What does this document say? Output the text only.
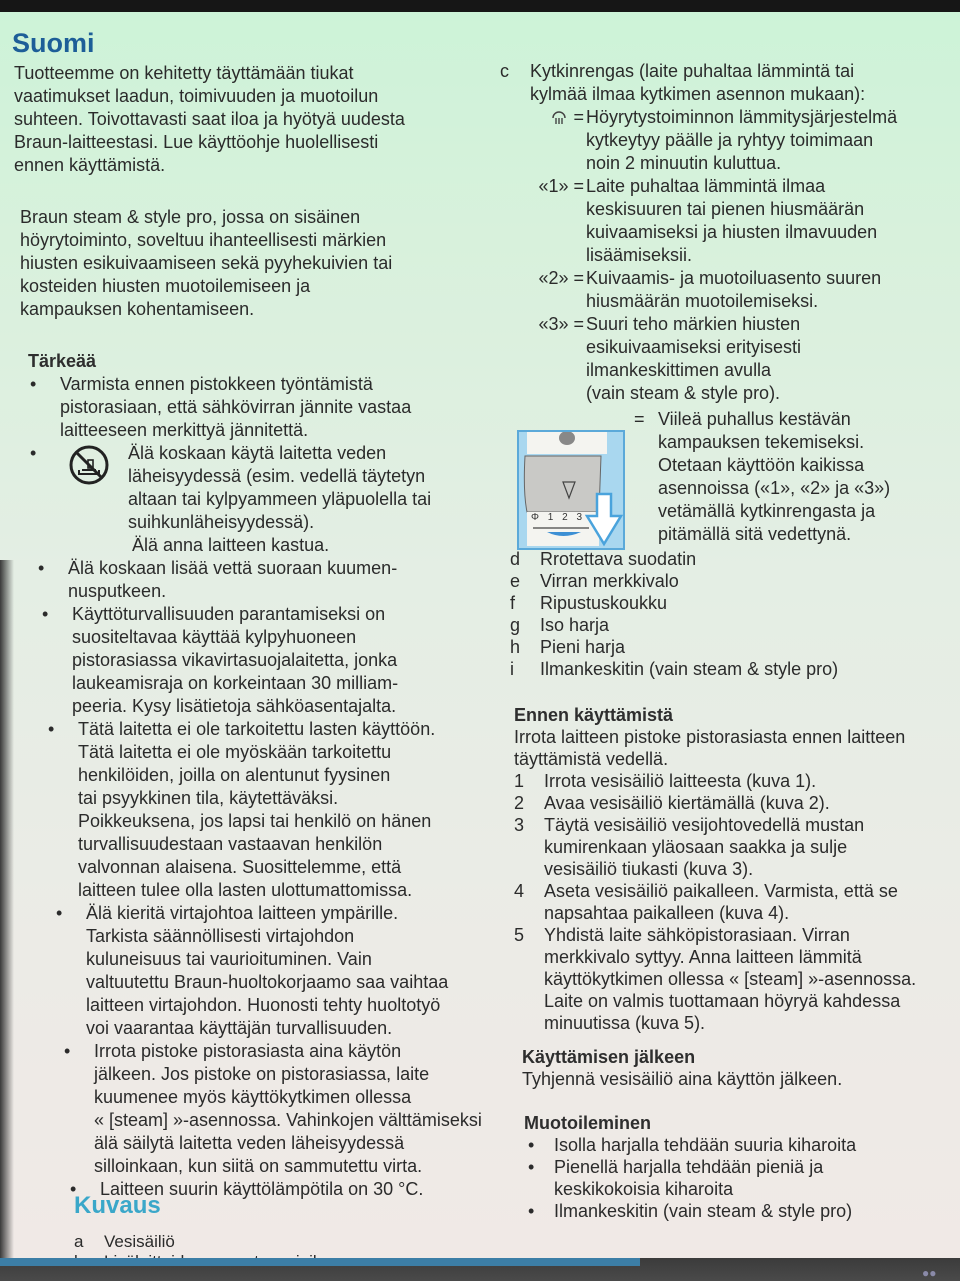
Suomi

Tuotteemme on kehitetty täyttämään tiukat

vaatimukset laadun, toimivuuden ja muotoilun

suhteen. Toivottavasti saat iloa ja hyötyä uudesta

Braun-laitteestasi. Lue käyttöohje huolellisesti

ennen käyttämistä.

Braun steam & style pro, jossa on sisäinen

höyrytoiminto, soveltuu ihanteellisesti märkien

hiusten esikuivaamiseen sekä pyyhekuivien tai

kosteiden hiusten muotoilemiseen ja

kampauksen kohentamiseen.

Tärkeää
• Varmista ennen pistokkeen työntämistä

pistorasiaan, että sähkövirran jännite vastaa

laitteeseen merkittyä jännitettä.

•	Älä koskaan käytä laitetta veden

läheisyydessä (esim. vedellä täytetyn

altaan tai kylpyammeen yläpuolella tai

suihkunläheisyydessä).

Älä anna laitteen kastua.

• Älä koskaan lisää vettä suoraan kuumen-

nusputkeen.

• Käyttöturvallisuuden parantamiseksi on

suositeltavaa käyttää kylpyhuoneen

pistorasiassa vikavirtasuojalaitetta, jonka

laukeamisraja on korkeintaan 30 milliam-

peeria. Kysy lisätietoja sähköasentajalta.

• Tätä laitetta ei ole tarkoitettu lasten käyttöön.

Tätä laitetta ei ole myöskään tarkoitettu

henkilöiden, joilla on alentunut fyysinen

tai psyykkinen tila, käytettäväksi.

Poikkeuksena, jos lapsi tai henkilö on hänen

turvallisuudestaan vastaavan henkilön

valvonnan alaisena. Suosittelemme, että

laitteen tulee olla lasten ulottumattomissa.

• Älä kieritä virtajohtoa laitteen ympärille.

Tarkista säännöllisesti virtajohdon

kuluneisuus tai vaurioituminen. Vain

valtuutettu Braun-huoltokorjaamo saa vaihtaa

laitteen virtajohdon. Huonosti tehty huoltotyö

voi vaarantaa käyttäjän turvallisuuden.

• Irrota pistoke pistorasiasta aina käytön

jälkeen. Jos pistoke on pistorasiassa, laite

kuumenee myös käyttökytkimen ollessa

« [steam] »-asennossa. Vahinkojen välttämiseksi

älä säilytä laitetta veden läheisyydessä

silloinkaan, kun siitä on sammutettu virta.

• Laitteen suurin käyttölämpötila on 30 °C.

Kuvaus
a Vesisäiliö
c Kytkinrengas (laite puhaltaa lämmintä tai

kylmää ilmaa kytkimen asennon mukaan):

= Höyrytystoiminnon lämmitysjärjestelmä

kytkeytyy päälle ja ryhtyy toimimaan

noin 2 minuutin kuluttua.

«1» = Laite puhaltaa lämmintä ilmaa

keskisuuren tai pienen hiusmäärän

kuivaamiseksi ja hiusten ilmavuuden

lisäämiseksii.

«2» = Kuivaamis- ja muotoiluasento suuren

hiusmäärän muotoilemiseksi.

«3» = Suuri teho märkien hiusten

esikuivaamiseksi erityisesti

ilmankeskittimen avulla

(vain steam & style pro).

Φ 1 2 3
= Viileä puhallus kestävän

kampauksen tekemiseksi.

Otetaan käyttöön kaikissa

asennoissa («1», «2» ja «3»)

vetämällä kytkinrengasta ja

pitämällä sitä vedettynä.

d Rrotettava suodatin
e Virran merkkivalo
f Ripustuskoukku
g Iso harja
h Pieni harja
i Ilmankeskitin (vain steam & style pro)
Ennen käyttämistä

Irrota laitteen pistoke pistorasiasta ennen laitteen

täyttämistä vedellä.

1 Irrota vesisäiliö laitteesta (kuva 1).

2 Avaa vesisäiliö kiertämällä (kuva 2).

3 Täytä vesisäiliö vesijohtovedellä mustan

kumirenkaan yläosaan saakka ja sulje

vesisäiliö tiukasti (kuva 3).

4 Aseta vesisäiliö paikalleen. Varmista, että se

napsahtaa paikalleen (kuva 4).

5 Yhdistä laite sähköpistorasiaan. Virran

merkkivalo syttyy. Anna laitteen lämmitä

käyttökytkimen ollessa « [steam] »-asennossa.

Laite on valmis tuottamaan höyryä kahdessa

minuutissa (kuva 5).

Käyttämisen jälkeen

Tyhjennä vesisäiliö aina käyttön jälkeen.

Muotoileminen
• Isolla harjalla tehdään suuria kiharoita

• Pienellä harjalla tehdään pieniä ja

keskikokoisia kiharoita

• Ilmankeskitin (vain steam & style pro)

●●
